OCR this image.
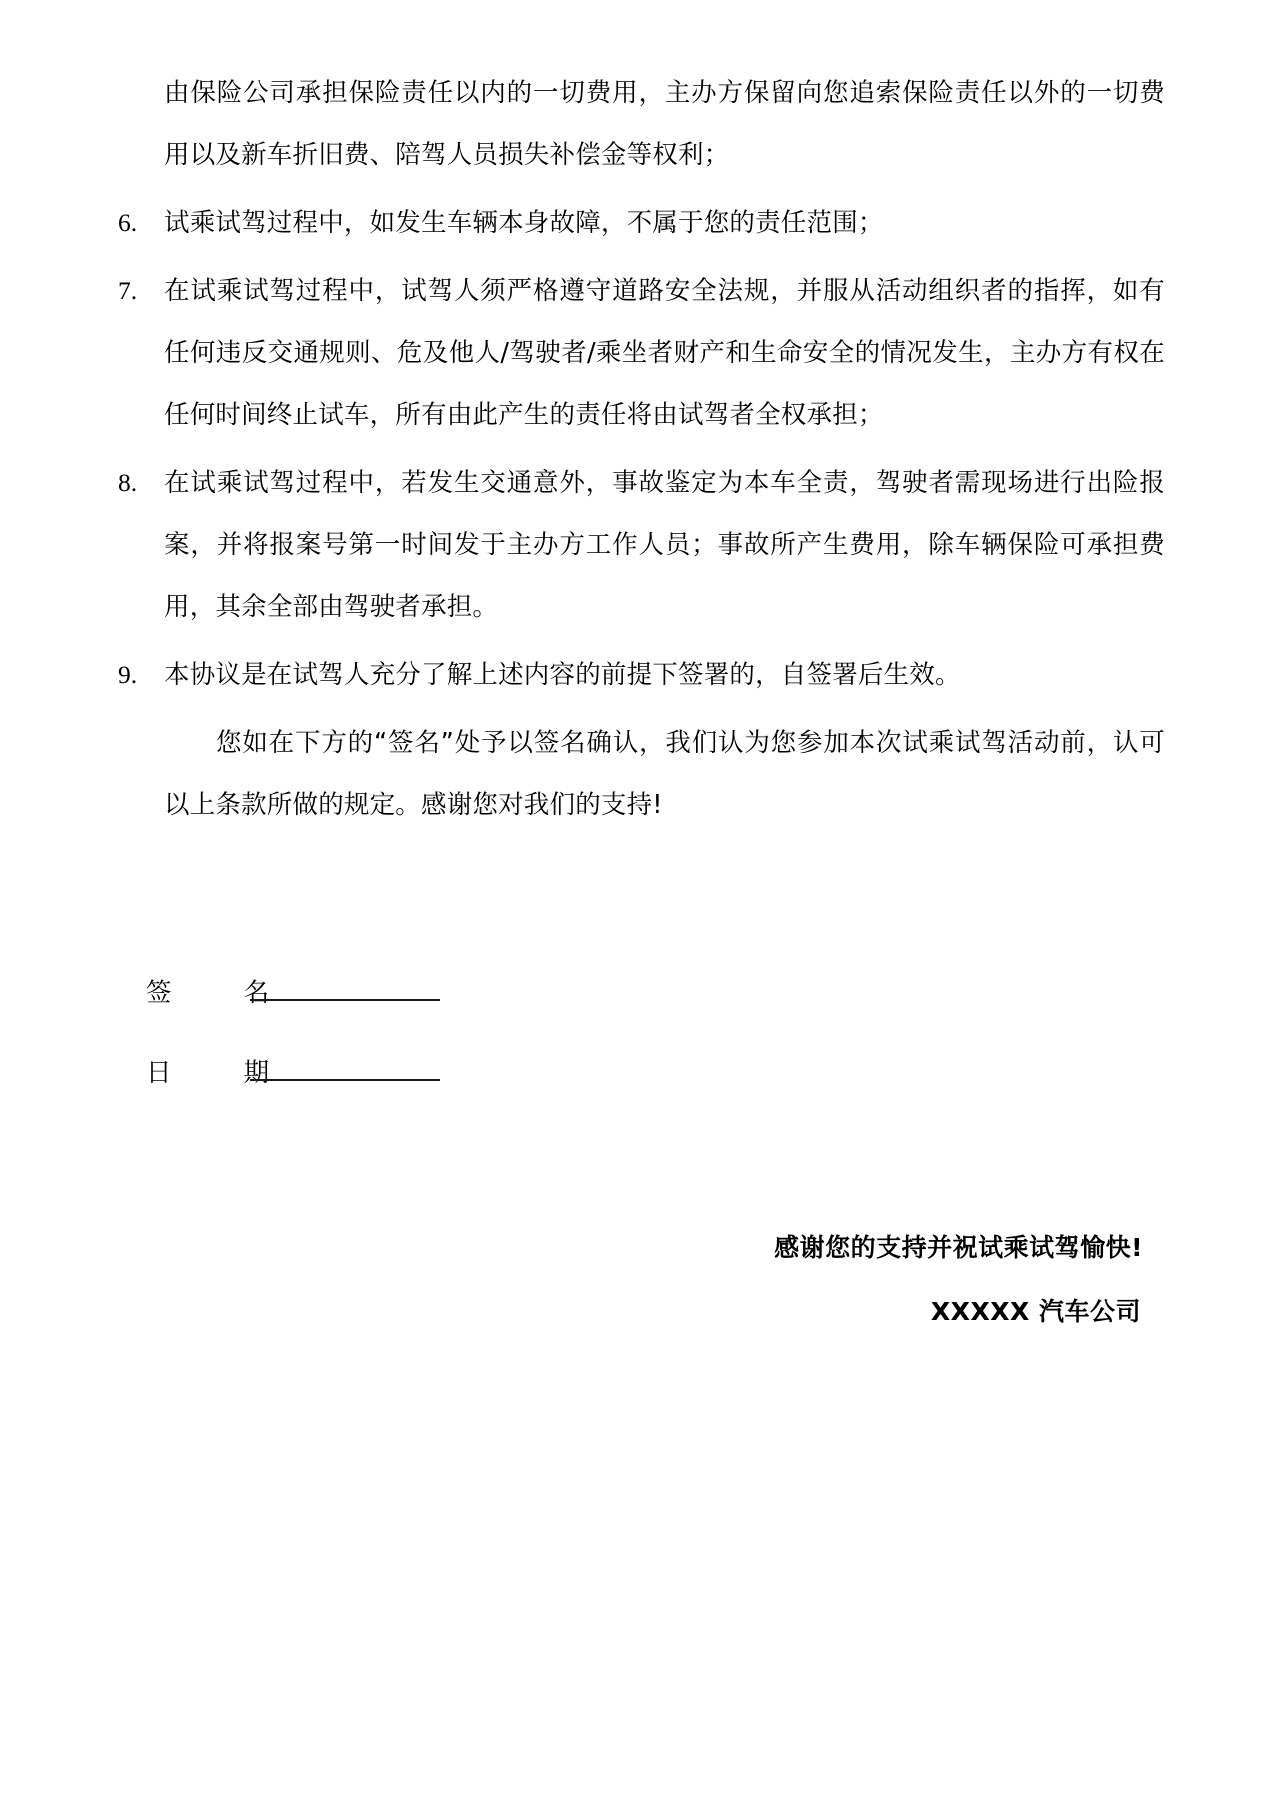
由保险公司承担保险责任以内的一切费用，主办方保留向您追索保险责任以外的一切费用以及新车折旧费、陪驾人员损失补偿金等权利；

6.	试乘试驾过程中，如发生车辆本身故障，不属于您的责任范围；

7.	在试乘试驾过程中，试驾人须严格遵守道路安全法规，并服从活动组织者的指挥，如有任何违反交通规则、危及他人/驾驶者/乘坐者财产和生命安全的情况发生，主办方有权在任何时间终止试车，所有由此产生的责任将由试驾者全权承担；

8.	在试乘试驾过程中，若发生交通意外，事故鉴定为本车全责，驾驶者需现场进行出险报案，并将报案号第一时间发于主办方工作人员；事故所产生费用，除车辆保险可承担费用，其余全部由驾驶者承担。

9.	本协议是在试驾人充分了解上述内容的前提下签署的，自签署后生效。

您如在下方的“签名”处予以签名确认，我们认为您参加本次试乘试驾活动前，认可以上条款所做的规定。感谢您对我们的支持!

签 名
日 期
感谢您的支持并祝试乘试驾愉快!
XXXXX 汽车公司
